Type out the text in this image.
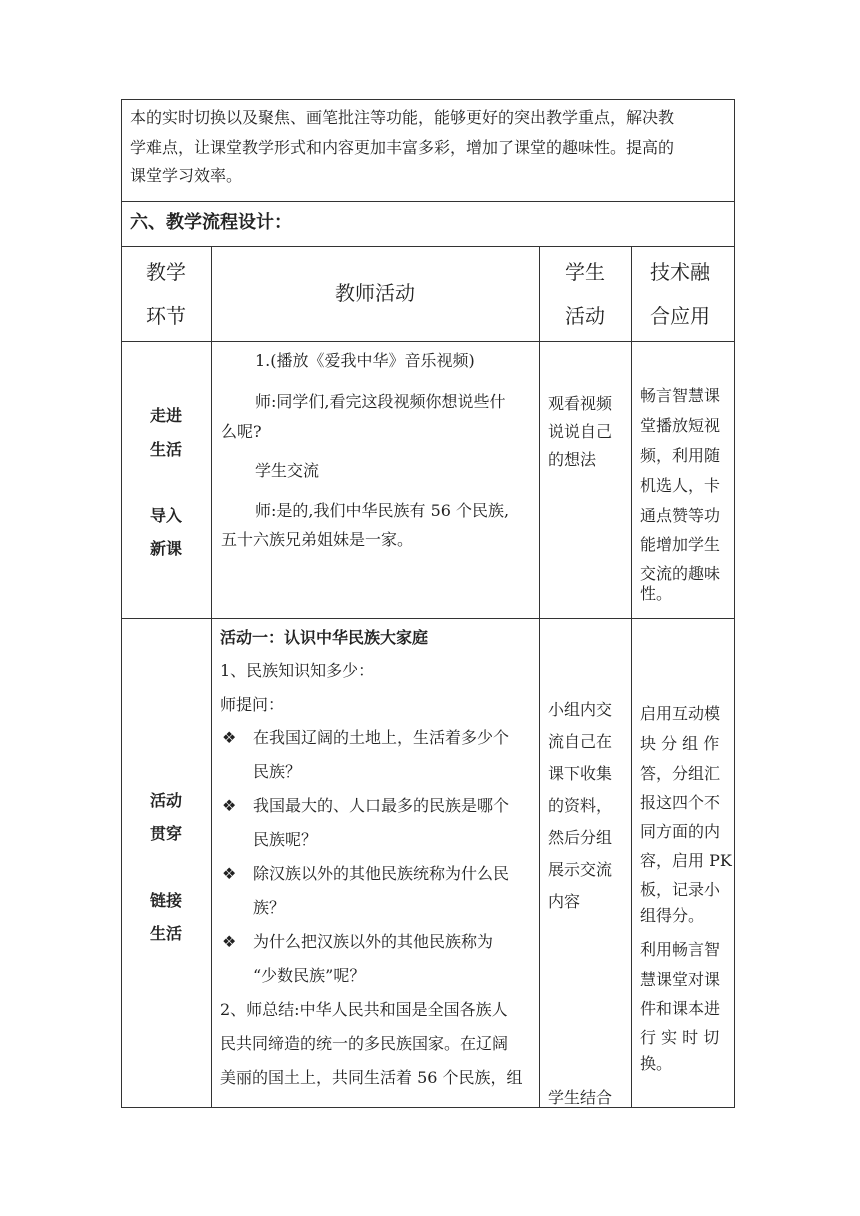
本的实时切换以及聚焦、画笔批注等功能，能够更好的突出教学重点，解决教
学难点，让课堂教学形式和内容更加丰富多彩，增加了课堂的趣味性。提高的
课堂学习效率。
六、教学流程设计：
教学
环节
教师活动
学生
活动
技术融
合应用
走进
生活
导入
新课
1.(播放《爱我中华》音乐视频)
师:同学们,看完这段视频你想说些什
么呢?
学生交流
师:是的,我们中华民族有 56 个民族,
五十六族兄弟姐妹是一家。
观看视频
说说自己
的想法
畅言智慧课
堂播放短视
频，利用随
机选人，卡
通点赞等功
能增加学生
交流的趣味
性。
活动
贯穿
链接
生活
活动一：认识中华民族大家庭
1、民族知识知多少：
师提问：
❖ 在我国辽阔的土地上，生活着多少个
民族？
❖ 我国最大的、人口最多的民族是哪个
民族呢？
❖ 除汉族以外的其他民族统称为什么民
族？
❖ 为什么把汉族以外的其他民族称为
“少数民族”呢？
2、师总结:中华人民共和国是全国各族人
民共同缔造的统一的多民族国家。在辽阔
美丽的国土上，共同生活着 56 个民族，组
小组内交
流自己在
课下收集
的资料，
然后分组
展示交流
内容
学生结合
启用互动模
块 分 组 作
答，分组汇
报这四个不
同方面的内
容，启用 PK
板，记录小
组得分。
利用畅言智
慧课堂对课
件和课本进
行 实 时 切
换。
